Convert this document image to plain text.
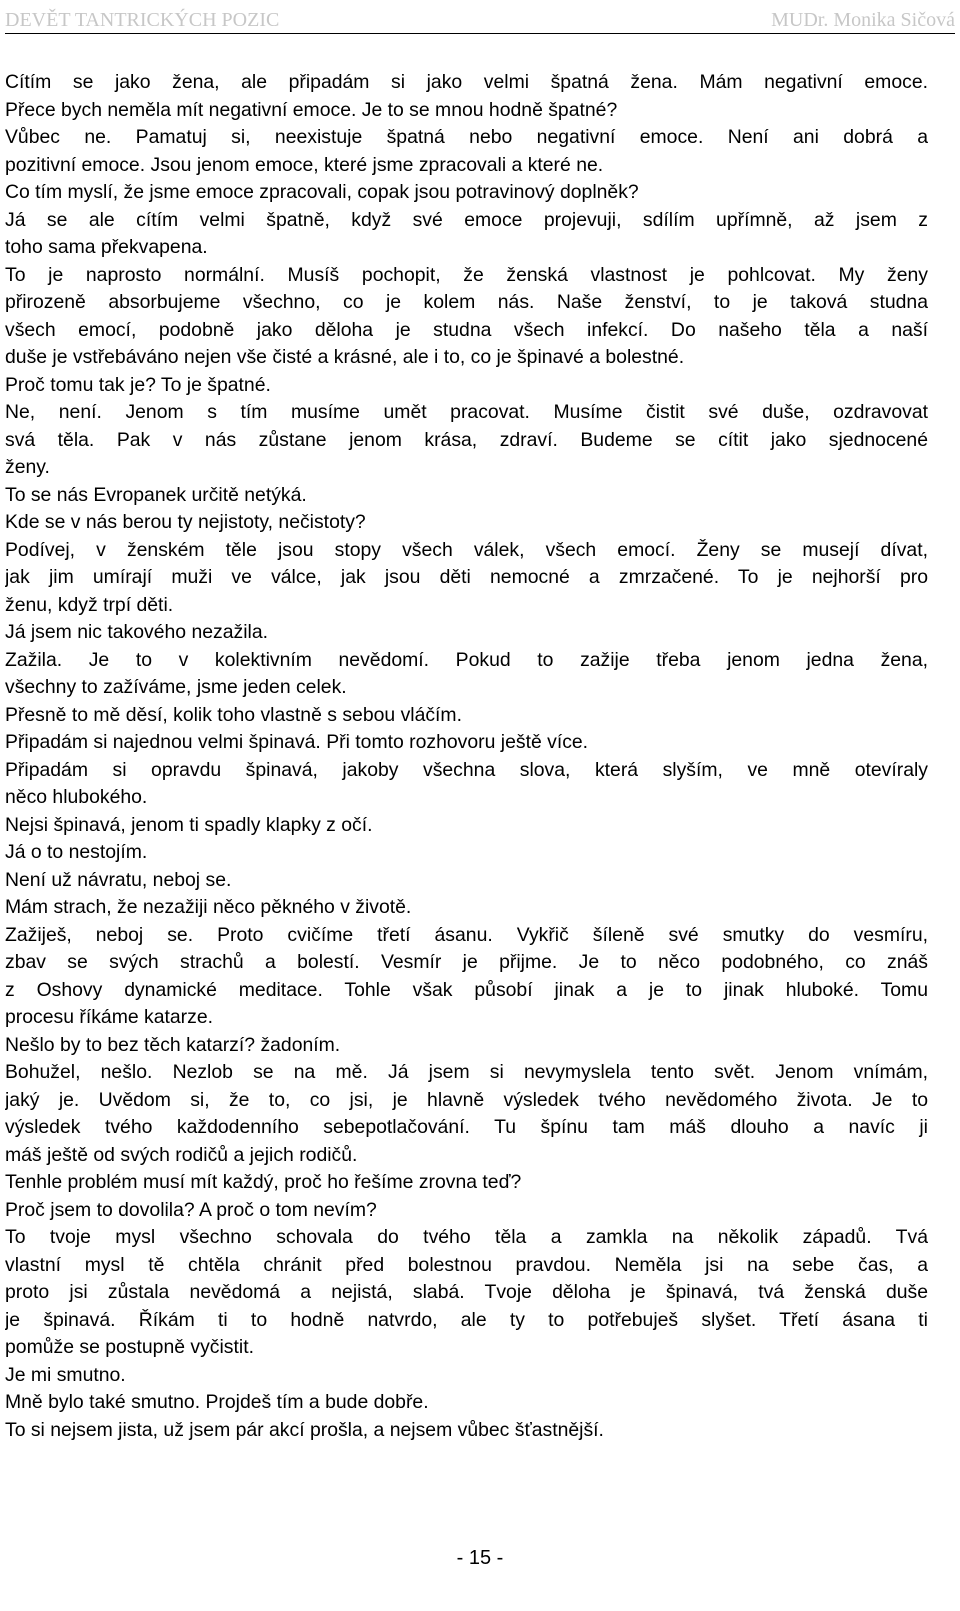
DEVĚT TANTRICKÝCH POZIC	MUDr. Monika Sičová
Cítím se jako žena, ale připadám si jako velmi špatná žena. Mám negativní emoce.
Přece bych neměla mít negativní emoce. Je to se mnou hodně špatné?
Vůbec ne. Pamatuj si, neexistuje špatná nebo negativní emoce. Není ani dobrá a
pozitivní emoce. Jsou jenom emoce, které jsme zpracovali a které ne.
Co tím myslí, že jsme emoce zpracovali, copak jsou potravinový doplněk?
Já se ale cítím velmi špatně, když své emoce projevuji, sdílím upřímně, až jsem z
toho sama překvapena.
To je naprosto normální. Musíš pochopit, že ženská vlastnost je pohlcovat. My ženy
přirozeně absorbujeme všechno, co je kolem nás. Naše ženství, to je taková studna
všech emocí, podobně jako děloha je studna všech infekcí. Do našeho těla a naší
duše je vstřebáváno nejen vše čisté a krásné, ale i to, co je špinavé a bolestné.
Proč tomu tak je? To je špatné.
Ne, není. Jenom s tím musíme umět pracovat. Musíme čistit své duše, ozdravovat
svá těla. Pak v nás zůstane jenom krása, zdraví. Budeme se cítit jako sjednocené
ženy.
To se nás Evropanek určitě netýká.
Kde se v nás berou ty nejistoty, nečistoty?
Podívej, v ženském těle jsou stopy všech válek, všech emocí. Ženy se musejí dívat,
jak jim umírají muži ve válce, jak jsou děti nemocné a zmrzačené. To je nejhorší pro
ženu, když trpí děti.
Já jsem nic takového nezažila.
Zažila. Je to v kolektivním nevědomí. Pokud to zažije třeba jenom jedna žena,
všechny to zažíváme, jsme jeden celek.
Přesně to mě děsí, kolik toho vlastně s sebou vláčím.
Připadám si najednou velmi špinavá. Při tomto rozhovoru ještě více.
Připadám si opravdu špinavá, jakoby všechna slova, která slyším, ve mně otevíraly
něco hlubokého.
Nejsi špinavá, jenom ti spadly klapky z očí.
Já o to nestojím.
Není už návratu, neboj se.
Mám strach, že nezažiji něco pěkného v životě.
Zažiješ, neboj se. Proto cvičíme třetí ásanu. Vykřič šíleně své smutky do vesmíru,
zbav se svých strachů a bolestí. Vesmír je přijme. Je to něco podobného, co znáš
z Oshovy dynamické meditace. Tohle však působí jinak a je to jinak hluboké. Tomu
procesu říkáme katarze.
Nešlo by to bez těch katarzí? žadoním.
Bohužel, nešlo. Nezlob se na mě. Já jsem si nevymyslela tento svět. Jenom vnímám,
jaký je. Uvědom si, že to, co jsi, je hlavně výsledek tvého nevědomého života. Je to
výsledek tvého každodenního sebepotlačování. Tu špínu tam máš dlouho a navíc ji
máš ještě od svých rodičů a jejich rodičů.
Tenhle problém musí mít každý, proč ho řešíme zrovna teď?
Proč jsem to dovolila? A proč o tom nevím?
To tvoje mysl všechno schovala do tvého těla a zamkla na několik západů. Tvá
vlastní mysl tě chtěla chránit před bolestnou pravdou. Neměla jsi na sebe čas, a
proto jsi zůstala nevědomá a nejistá, slabá. Tvoje děloha je špinavá, tvá ženská duše
je špinavá. Říkám ti to hodně natvrdo, ale ty to potřebuješ slyšet. Třetí ásana ti
pomůže se postupně vyčistit.
Je mi smutno.
Mně bylo také smutno. Projdeš tím a bude dobře.
To si nejsem jista, už jsem pár akcí prošla, a nejsem vůbec šťastnější.
- 15 -
